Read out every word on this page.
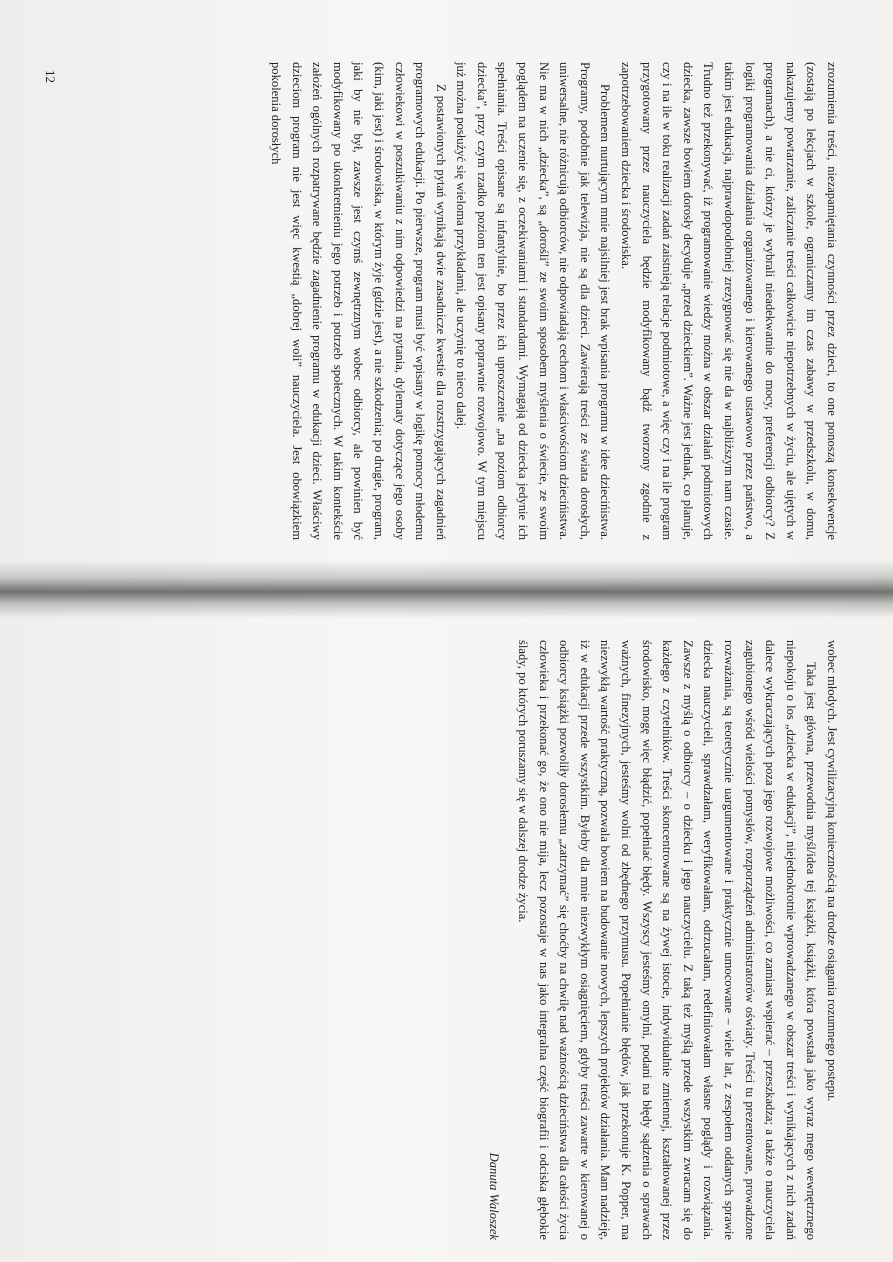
12	zrozumienia treści, niezapamiętania czynności przez dzieci, to one ponoszą konsekwencje (zostają po lekcjach w szkole, ograniczamy im czas zabawy w przedszkolu, w domu, nakazujemy powtarzanie, zaliczanie treści całkowicie niepotrzebnych w życiu, ale ujętych w programach), a nie ci, którzy je wybrali nieadekwatnie do mocy, preferencji odbiorcy? Z logiki programowania działania organizowanego i kierowanego ustawowo przez państwo, a takim jest edukacja, najprawdopodobniej zrezygnować się nie da w najbliższym nam czasie. Trudno też przekonywać, iż programowanie wiedzy można w obszar działań podmiotowych dziecka, zawsze bowiem dorosły decyduje „przed dzieckiem”. Ważne jest jednak, co planuje, czy i na ile w toku realizacji zadań zaistnieją relacje podmiotowe, a więc czy i na ile program przygotowany przez nauczyciela będzie modyfikowany bądź tworzony zgodnie z zapotrzebowaniem dziecka i środowiska.

Problemem nurtującym mnie najsilniej jest brak wpisania programu w idee dziecińistwa. Programy, podobnie jak telewizja, nie są dla dzieci. Zawierają treści ze świata dorosłych, uniwersalne, nie różnicują odbiorców, nie odpowiadają cechom i właściwościom dziecińistwa. Nie ma w nich „dziecka”, są „dorośli” ze swoim sposobem myślenia o świecie, ze swoim poglądem na uczenie się, z oczekiwaniami i standardami. Wymagają od dziecka jedynie ich spełniania. Treści opisane są infantylnie, bo przez ich uproszczenie „na poziom odbiorcy dziecka”, przy czym rzadko poziom ten jest opisany poprawnie rozwojowo. W tym miejscu już można posłużyć się wieloma przykładami, ale uczynię to nieco dalej.

Z postawionych pytań wynikają dwie zasadnicze kwestie dla rozstrzygających zagadnień programowych edukacji. Po pierwsze, program musi być wpisany w logikę pomocy młodemu człowiekowi w poszukiwaniu z nim odpowiedzi na pytania, dylematy dotyczące jego osoby (kim, jaki jest) i środowiska, w którym żyje (gdzie jest), a nie szkodzenia; po drugie, program, jaki by nie był, zawsze jest czymś zewnętrznym wobec odbiorcy, ale powinien być modyfikowany po ukonkretnieniu jego potrzeb i potrzeb społecznych. W takim kontekście założeń ogólnych rozpatrywane będzie zagadnienie programu w edukacji dzieci. Właściwy dzieciom program nie jest więc kwestią „dobrej woli” nauczyciela. Jest obowiązkiem pokolenia dorosłych

wobec młodych. Jest cywilizacyjną koniecznością na drodze osiągania rozumnego postępu.

Taka jest główna, przewodnia myśl/idea tej książki, książki, która powstała jako wyraz mego wewnętrznego niepokoju o los „dziecka w edukacji”, niejednokrotnie wprowadzanego w obszar treści i wynikających z nich zadań dalece wykraczających poza jego rozwojowe możliwości, co zamiast wspierać – przeszkadza; a także o nauczyciela zagubionego wśród wielości pomysłów, rozporządzeń administratorów oświaty. Treści tu prezentowane, prowadzone rozważania, są teoretycznie uargumentowane i praktycznie umocowane – wiele lat, z zespołem oddanych sprawie dziecka nauczycieli, sprawdzałam, weryfikowałam, odrzucałam, redefiniowałam własne poglądy i rozwiązania. Zawsze z myślą o odbiorcy – o dziecku i jego nauczycielu. Z taką też myślą przede wszystkim zwracam się do każdego z czytelników. Treści skoncentrowane są na żywej istocie, indywidualnie zmiennej, kształtowanej przez środowisko, mogę więc błądzić, popełniać błędy. Wszyscy jesteśmy omylni, podani na błędy sądzenia o sprawach ważnych, finezyjnych, jesteśmy wolni od zbędnego przymusu. Popełnianie błędów, jak przekonuje K. Popper, ma niezwykłą wartość praktyczną, pozwala bowiem na budowanie nowych, lepszych projektów działania. Mam nadzieję, iż w edukacji przede wszystkim. Byłoby dla mnie niezwykłym osiągnięciem, gdyby treści zawarte w kierowanej o odbiorcy książki pozwoliły dorosłemu „zatrzymać” się choćby na chwilę nad ważnością dzieciństwa dla całości życia człowieka i przekonać go, że ono nie mija, lecz pozostaje w nas jako integralna część biografii i odciska głębokie ślady, po których poruszamy się w dalszej drodze życia.

Danuta Waloszek
